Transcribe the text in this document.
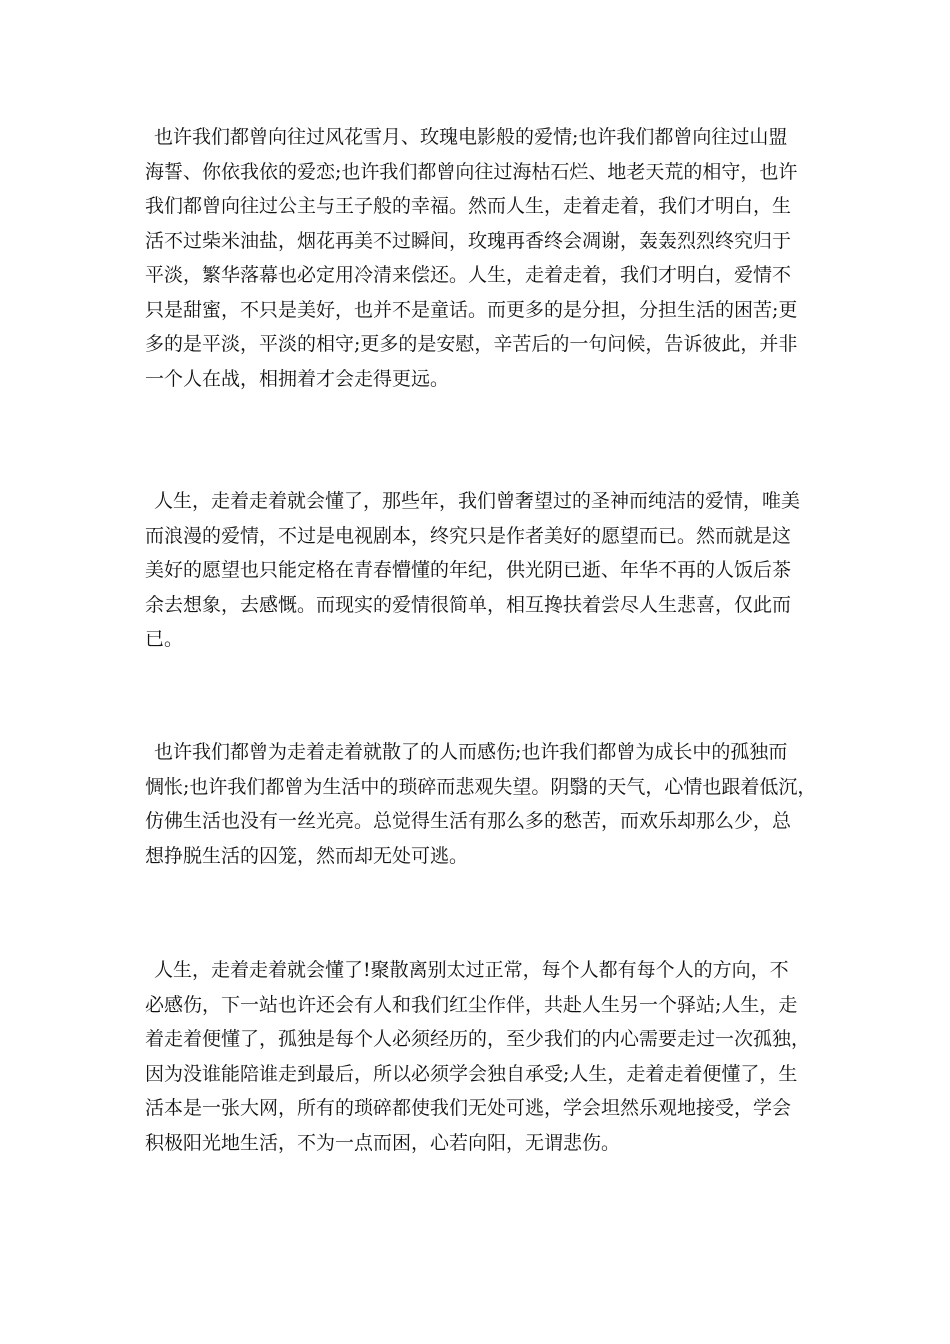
也许我们都曾向往过风花雪月、玫瑰电影般的爱情;也许我们都曾向往过山盟
海誓、你依我依的爱恋;也许我们都曾向往过海枯石烂、地老天荒的相守，也许
我们都曾向往过公主与王子般的幸福。然而人生，走着走着，我们才明白，生
活不过柴米油盐，烟花再美不过瞬间，玫瑰再香终会凋谢，轰轰烈烈终究归于
平淡，繁华落幕也必定用冷清来偿还。人生，走着走着，我们才明白，爱情不
只是甜蜜，不只是美好，也并不是童话。而更多的是分担，分担生活的困苦;更
多的是平淡，平淡的相守;更多的是安慰，辛苦后的一句问候，告诉彼此，并非
一个人在战，相拥着才会走得更远。
人生，走着走着就会懂了，那些年，我们曾奢望过的圣神而纯洁的爱情，唯美
而浪漫的爱情，不过是电视剧本，终究只是作者美好的愿望而已。然而就是这
美好的愿望也只能定格在青春懵懂的年纪，供光阴已逝、年华不再的人饭后茶
余去想象，去感慨。而现实的爱情很简单，相互搀扶着尝尽人生悲喜，仅此而
已。
也许我们都曾为走着走着就散了的人而感伤;也许我们都曾为成长中的孤独而
惆怅;也许我们都曾为生活中的琐碎而悲观失望。阴翳的天气，心情也跟着低沉，
仿佛生活也没有一丝光亮。总觉得生活有那么多的愁苦，而欢乐却那么少，总
想挣脱生活的囚笼，然而却无处可逃。
人生，走着走着就会懂了!聚散离别太过正常，每个人都有每个人的方向，不
必感伤，下一站也许还会有人和我们红尘作伴，共赴人生另一个驿站;人生，走
着走着便懂了，孤独是每个人必须经历的，至少我们的内心需要走过一次孤独，
因为没谁能陪谁走到最后，所以必须学会独自承受;人生，走着走着便懂了，生
活本是一张大网，所有的琐碎都使我们无处可逃，学会坦然乐观地接受，学会
积极阳光地生活，不为一点而困，心若向阳，无谓悲伤。
